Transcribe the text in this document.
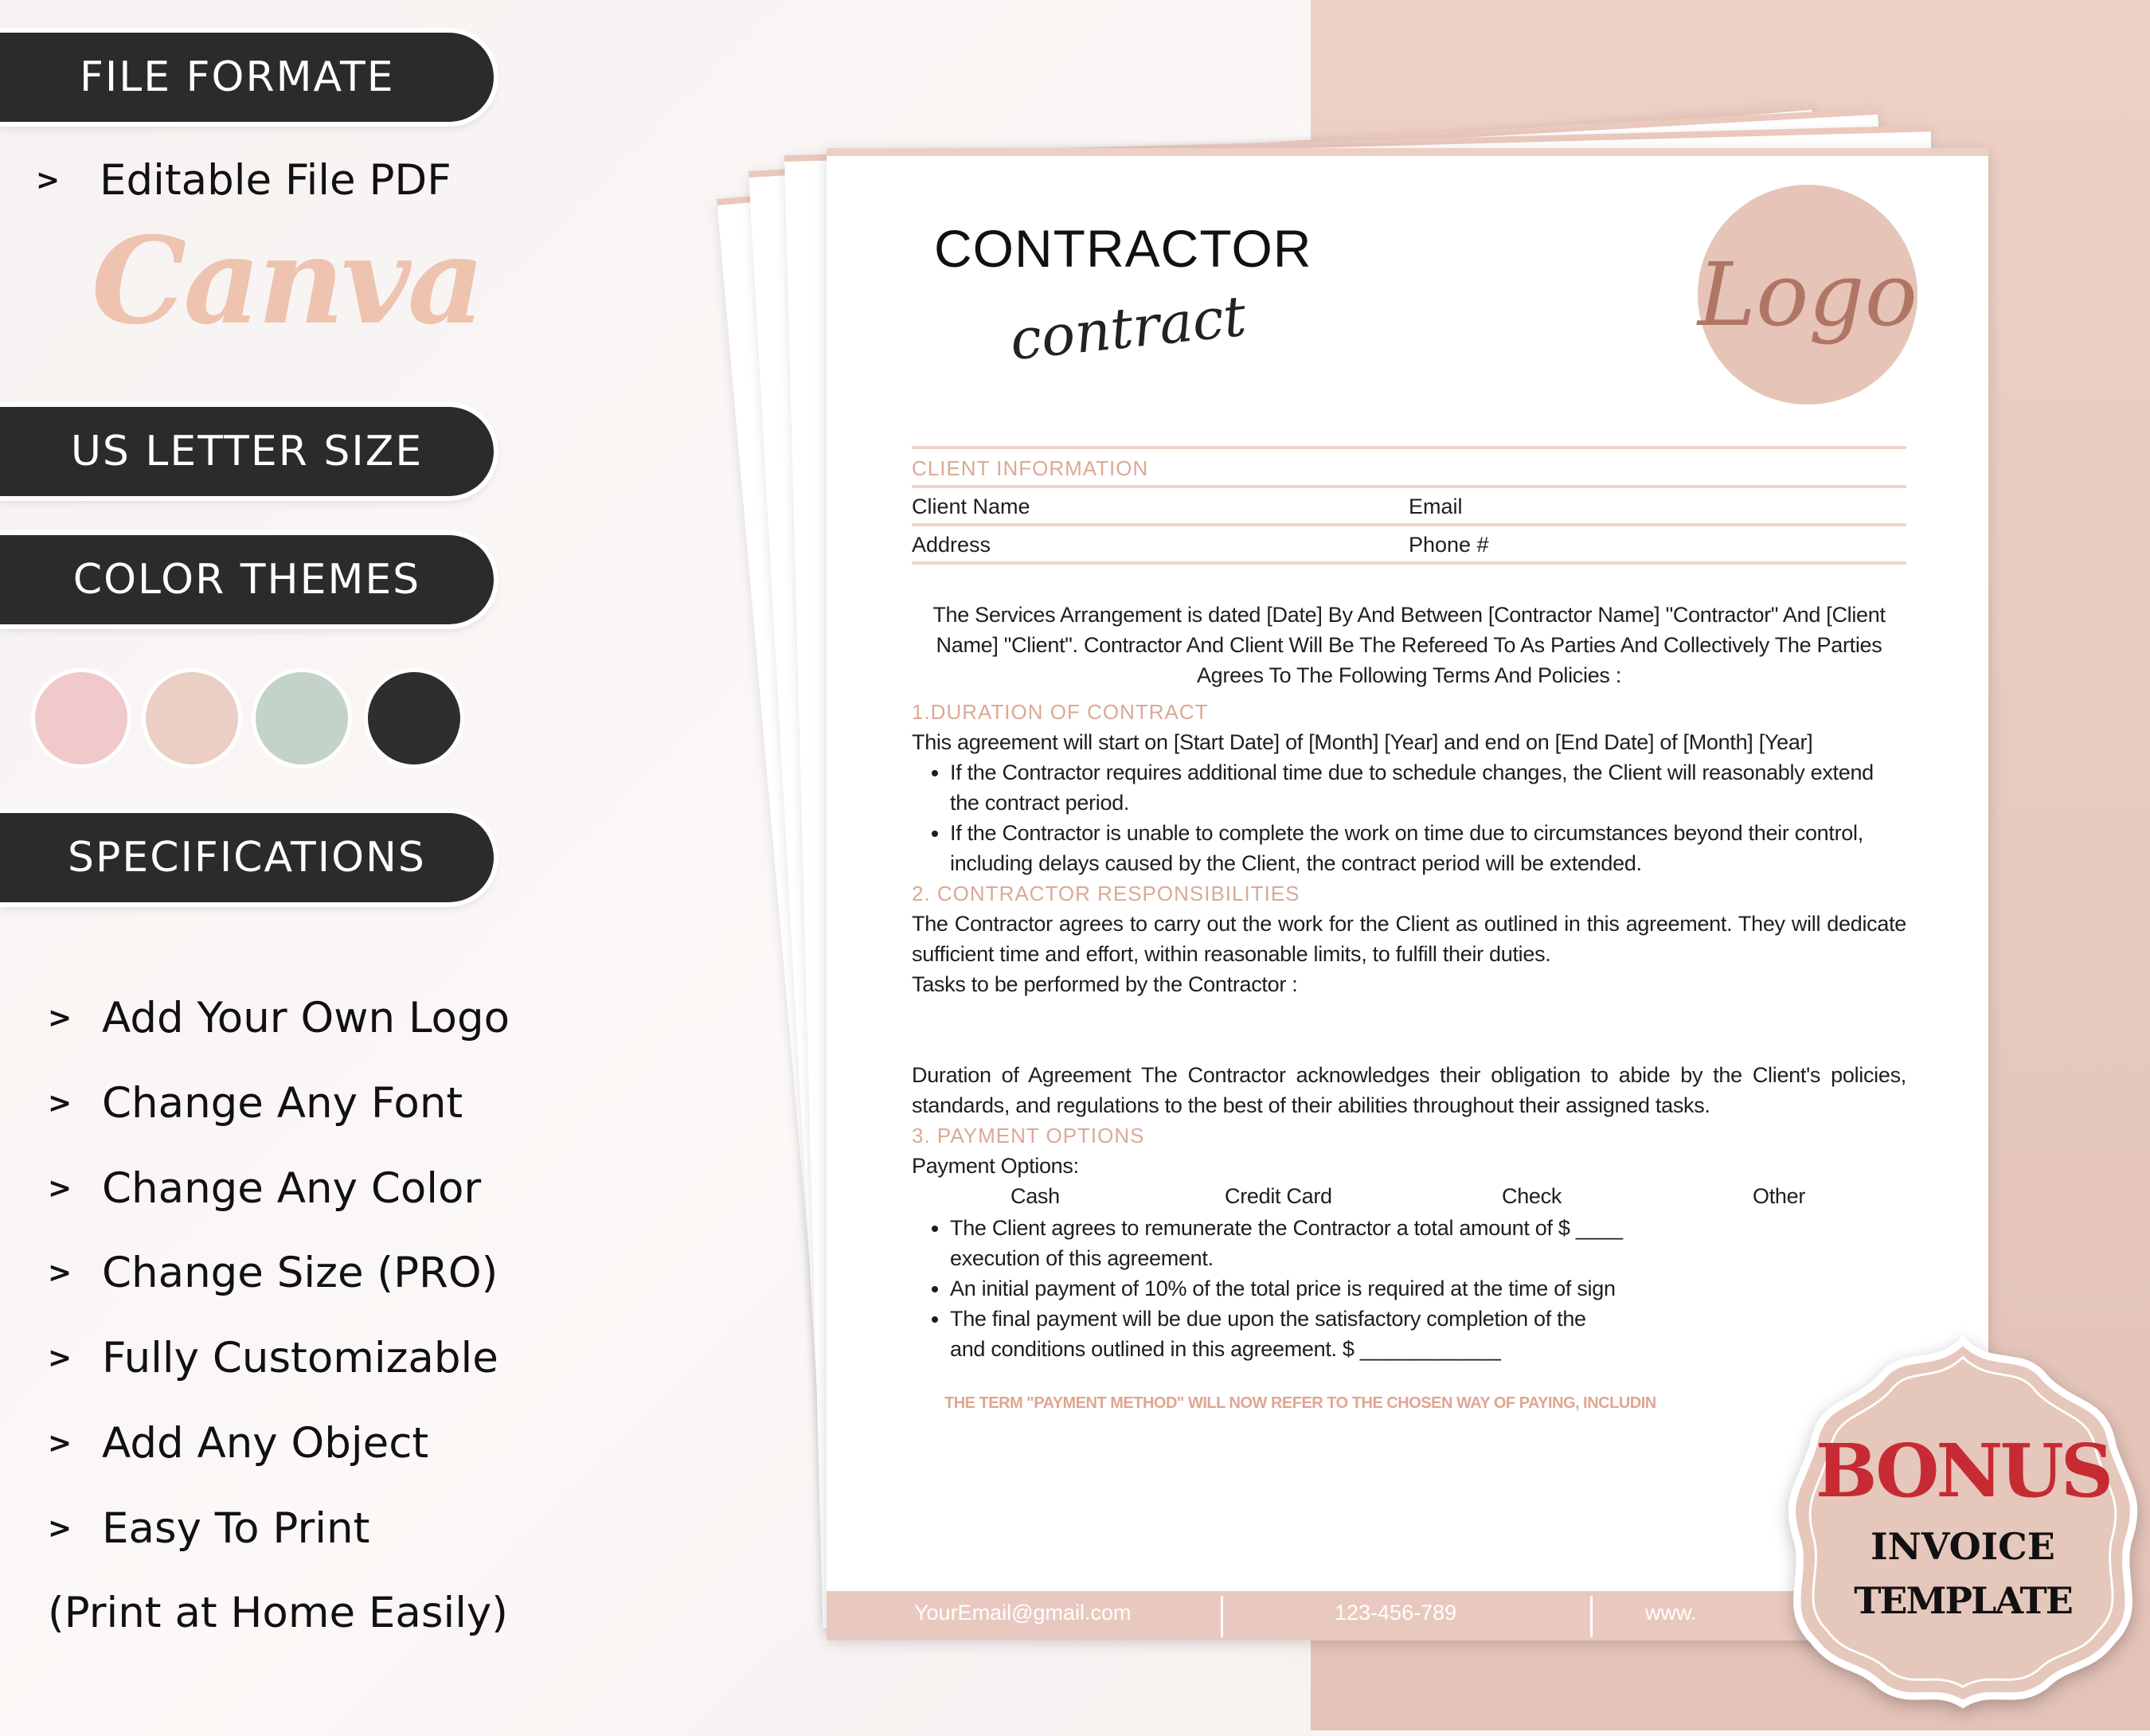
FILE FORMATE
> Editable File PDF
Canva
US LETTER SIZE
COLOR THEMES
SPECIFICATIONS
> Add Your Own Logo
> Change Any Font
> Change Any Color
> Change Size (PRO)
> Fully Customizable
> Add Any Object
> Easy To Print
(Print at Home Easily)
CONTRACTOR
contract	Logo
CLIENT INFORMATION
Client Name	Email
Address	Phone #
The Services Arrangement is dated [Date] By And Between [Contractor Name] "Contractor" And [Client Name] "Client". Contractor And Client Will Be The Refereed To As Parties And Collectively The Parties Agrees To The Following Terms And Policies :
1.DURATION OF CONTRACT
This agreement will start on [Start Date] of [Month] [Year] and end on [End Date] of [Month] [Year]
• If the Contractor requires additional time due to schedule changes, the Client will reasonably extend the contract period.
• If the Contractor is unable to complete the work on time due to circumstances beyond their control, including delays caused by the Client, the contract period will be extended.
2. CONTRACTOR RESPONSIBILITIES
The Contractor agrees to carry out the work for the Client as outlined in this agreement. They will dedicate sufficient time and effort, within reasonable limits, to fulfill their duties.
Tasks to be performed by the Contractor :
Duration of Agreement The Contractor acknowledges their obligation to abide by the Client's policies, standards, and regulations to the best of their abilities throughout their assigned tasks.
3. PAYMENT OPTIONS
Payment Options:
Cash	Credit Card	Check	Other
• The Client agrees to remunerate the Contractor a total amount of $ ____
execution of this agreement.
• An initial payment of 10% of the total price is required at the time of sign
• The final payment will be due upon the satisfactory completion of the
and conditions outlined in this agreement. $ ____________
THE TERM "PAYMENT METHOD" WILL NOW REFER TO THE CHOSEN WAY OF PAYING, INCLUDIN
YourEmail@gmail.com	123-456-789	www.
BONUS
INVOICE
TEMPLATE
